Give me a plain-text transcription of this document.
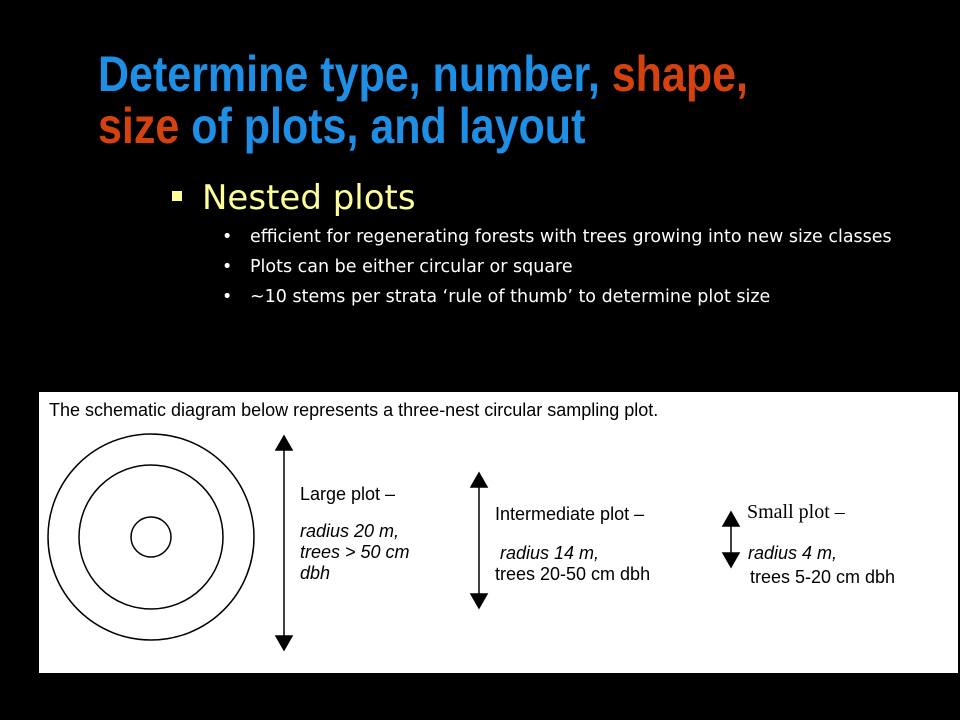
Determine type, number, shape,
size of plots, and layout
Nested plots
• efficient for regenerating forests with trees growing into new size classes
• Plots can be either circular or square
• ~10 stems per strata ‘rule of thumb’ to determine plot size
The schematic diagram below represents a three-nest circular sampling plot.
Large plot –
radius 20 m,
trees > 50 cm
dbh
Intermediate plot –
radius 14 m,
trees 20-50 cm dbh
Small plot –
radius 4 m,
trees 5-20 cm dbh
